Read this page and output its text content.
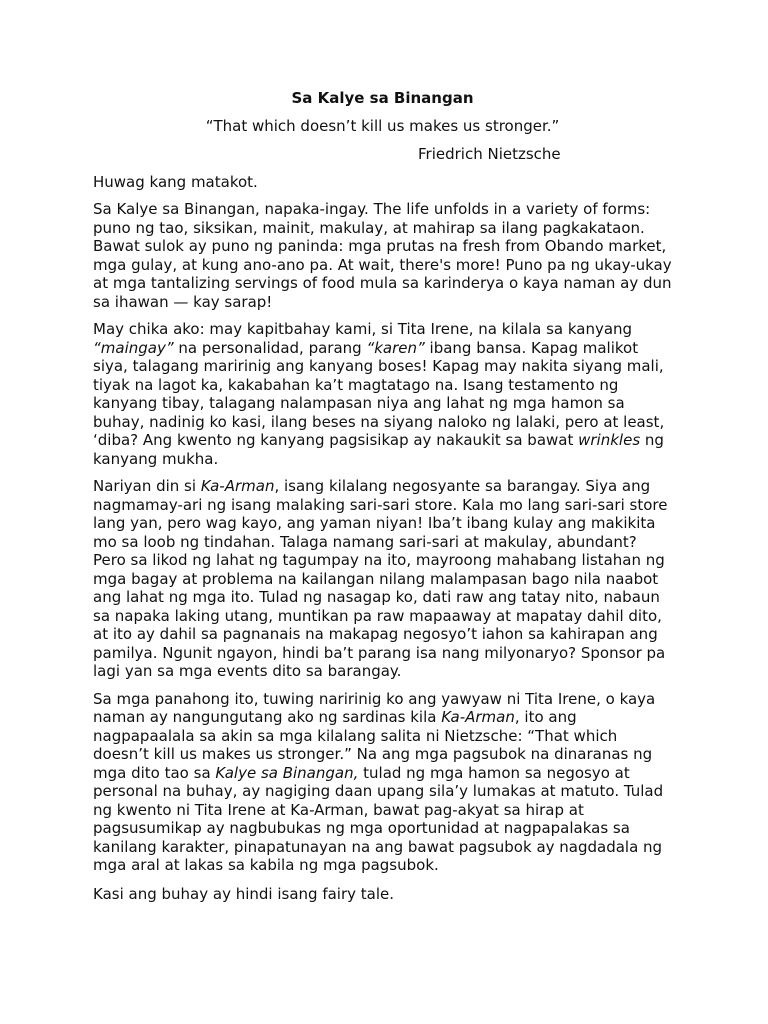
Sa Kalye sa Binangan
“That which doesn’t kill us makes us stronger.”
Friedrich Nietzsche

Huwag kang matakot.

Sa Kalye sa Binangan, napaka-ingay. The life unfolds in a variety of forms: puno ng tao, siksikan, mainit, makulay, at mahirap sa ilang pagkakataon. Bawat sulok ay puno ng paninda: mga prutas na fresh from Obando market, mga gulay, at kung ano-ano pa. At wait, there's more! Puno pa ng ukay-ukay at mga tantalizing servings of food mula sa karinderya o kaya naman ay dun sa ihawan — kay sarap!

May chika ako: may kapitbahay kami, si Tita Irene, na kilala sa kanyang “maingay” na personalidad, parang “karen” ibang bansa. Kapag malikot siya, talagang maririnig ang kanyang boses! Kapag may nakita siyang mali, tiyak na lagot ka, kakabahan ka’t magtatago na. Isang testamento ng kanyang tibay, talagang nalampasan niya ang lahat ng mga hamon sa buhay, nadinig ko kasi, ilang beses na siyang naloko ng lalaki, pero at least, ‘diba? Ang kwento ng kanyang pagsisikap ay nakaukit sa bawat wrinkles ng kanyang mukha.

Nariyan din si Ka-Arman, isang kilalang negosyante sa barangay. Siya ang nagmamay-ari ng isang malaking sari-sari store. Kala mo lang sari-sari store lang yan, pero wag kayo, ang yaman niyan! Iba’t ibang kulay ang makikita mo sa loob ng tindahan. Talaga namang sari-sari at makulay, abundant? Pero sa likod ng lahat ng tagumpay na ito, mayroong mahabang listahan ng mga bagay at problema na kailangan nilang malampasan bago nila naabot ang lahat ng mga ito. Tulad ng nasagap ko, dati raw ang tatay nito, nabaun sa napaka laking utang, muntikan pa raw mapaaway at mapatay dahil dito, at ito ay dahil sa pagnanais na makapag negosyo’t iahon sa kahirapan ang pamilya. Ngunit ngayon, hindi ba’t parang isa nang milyonaryo? Sponsor pa lagi yan sa mga events dito sa barangay.

Sa mga panahong ito, tuwing naririnig ko ang yawyaw ni Tita Irene, o kaya naman ay nangungutang ako ng sardinas kila Ka-Arman, ito ang nagpapaalala sa akin sa mga kilalang salita ni Nietzsche: “That which doesn’t kill us makes us stronger.” Na ang mga pagsubok na dinaranas ng mga dito tao sa Kalye sa Binangan, tulad ng mga hamon sa negosyo at personal na buhay, ay nagiging daan upang sila’y lumakas at matuto. Tulad ng kwento ni Tita Irene at Ka-Arman, bawat pag-akyat sa hirap at pagsusumikap ay nagbubukas ng mga oportunidad at nagpapalakas sa kanilang karakter, pinapatunayan na ang bawat pagsubok ay nagdadala ng mga aral at lakas sa kabila ng mga pagsubok.

Kasi ang buhay ay hindi isang fairy tale.
